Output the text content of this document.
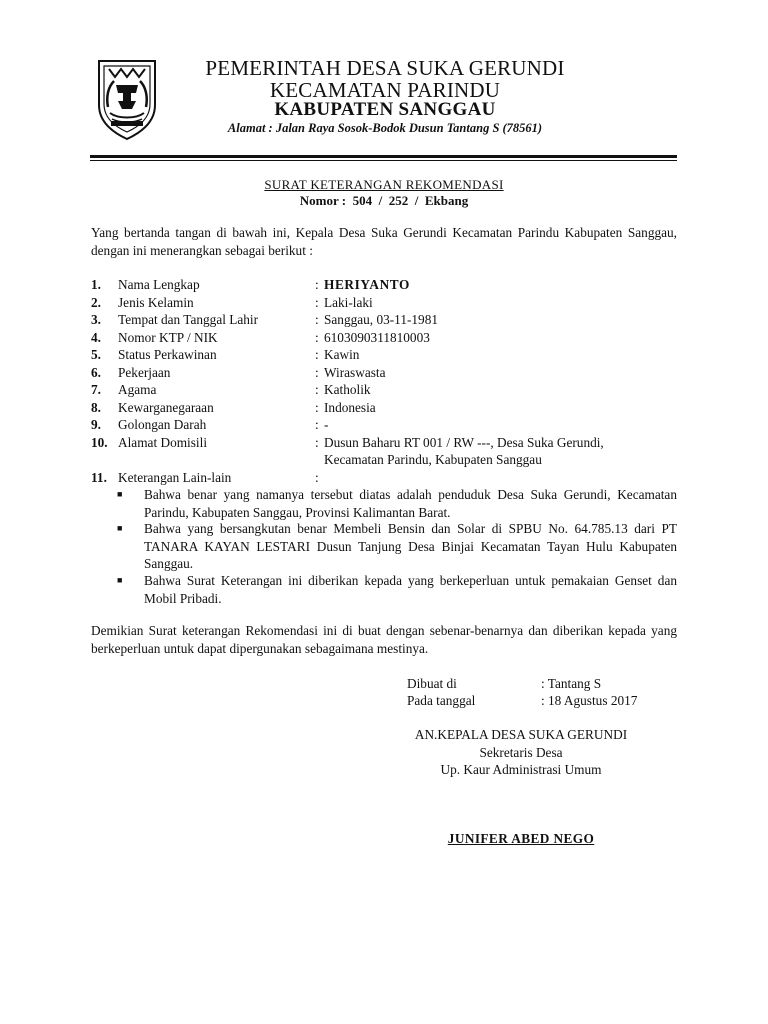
PEMERINTAH DESA SUKA GERUNDI
KECAMATAN PARINDU
KABUPATEN SANGGAU
Alamat : Jalan Raya Sosok-Bodok Dusun Tantang S (78561)
SURAT KETERANGAN REKOMENDASI
Nomor :  504  /  252  /  Ekbang
Yang bertanda tangan di bawah ini, Kepala Desa Suka Gerundi Kecamatan Parindu Kabupaten Sanggau, dengan ini menerangkan sebagai berikut :
1. Nama Lengkap	: HERIYANTO
2. Jenis Kelamin	: Laki-laki
3. Tempat dan Tanggal Lahir	: Sanggau, 03-11-1981
4. Nomor KTP / NIK	: 6103090311810003
5. Status Perkawinan	: Kawin
6. Pekerjaan	: Wiraswasta
7. Agama	: Katholik
8. Kewarganegaraan	: Indonesia
9. Golongan Darah	: -
10. Alamat Domisili	: Dusun Baharu RT 001 / RW ---, Desa Suka Gerundi,
Kecamatan Parindu, Kabupaten Sanggau
11. Keterangan Lain-lain	:
■ Bahwa benar yang namanya tersebut diatas adalah penduduk Desa Suka Gerundi, Kecamatan Parindu, Kabupaten Sanggau, Provinsi Kalimantan Barat.
■ Bahwa yang bersangkutan benar Membeli Bensin dan Solar di SPBU No. 64.785.13 dari PT TANARA KAYAN LESTARI Dusun Tanjung Desa Binjai Kecamatan Tayan Hulu Kabupaten Sanggau.
■ Bahwa Surat Keterangan ini diberikan kepada yang berkeperluan untuk pemakaian Genset dan Mobil Pribadi.
Demikian Surat keterangan Rekomendasi ini di buat dengan sebenar-benarnya dan diberikan kepada yang berkeperluan untuk dapat dipergunakan sebagaimana mestinya.
Dibuat di	: Tantang S
Pada tanggal	: 18 Agustus 2017
AN.KEPALA DESA SUKA GERUNDI
Sekretaris Desa
Up. Kaur Administrasi Umum
JUNIFER ABED NEGO
